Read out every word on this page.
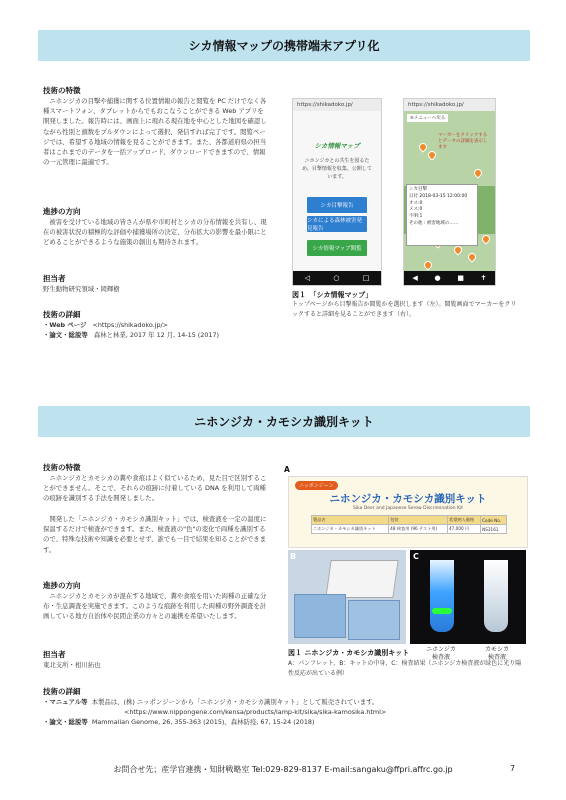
シカ情報マップの携帯端末アプリ化
技術の特徴
　ニホンジカの目撃や捕獲に関する位置情報の報告と閲覧を PC だけでなく各種スマートフォン、タブレットからでもおこなうことができる Web アプリを開発しました。報告時には、画面上に現れる現在地を中心とした地図を確認しながら性別と頭数をプルダウンによって選択、発信すれば完了です。閲覧ページでは、希望する地域の情報を見ることができます。また、各都道府県の担当者はこれまでのデータを一括アップロード、ダウンロードできますので、情報の一元管理に最適です。
進捗の方向
　被害を受けている地域の皆さんが県や市町村とシカの分布情報を共有し、現在の被害状況の積極的な評価や捕獲場所の決定、分布拡大の影響を最小限にとどめることができるような施策の創出も期待されます。
担当者
野生動物研究領域・岡輝樹
技術の詳細
・Web ページ <https://shikadoko.jp/>
・論文・総説等 森林と林業, 2017 年 12 月, 14-15 (2017)
https://shikadoko.jp/
シカ情報マップ
ニホンジカとの共生を図るため、目撃情報を収集、公開しています。
シカ目撃報告
シカによる森林被害発見報告
シカ情報マップ閲覧
◁	○	□
https://shikadoko.jp/
≡メニューへ戻る
マーカーをクリックするとデータの詳細を表示します
シカ目撃
日付 2018-03-15 12:00:00
オス:0
メス:0
不明:1
その他 : 被害地域の……
◀ ● ■ ✝
図１　「シカ情報マップ」
トップページから目撃報告か閲覧かを選択します（左）。閲覧画面でマーカーをクリックすると詳細を見ることができます（右）。
ニホンジカ・カモシカ識別キット
技術の特徴
　ニホンジカとカモシカの糞や食痕はよく似ているため、見た目で区別することができません。そこで、それらの痕跡に付着している DNA を利用して両種の痕跡を識別する手法を開発しました。
　開発した「ニホンジカ・カモシカ識別キット」では、検査液を一定の温度に保温するだけで検査ができます。また、検査液の"色"の変化で両種を識別するので、特殊な技術や知識を必要とせず、誰でも一目で結果を知ることができます。
進捗の方向
　ニホンジカとカモシカが混在する地域で、糞や食痕を用いた両種の正確な分布・生息調査を実施できます。このような痕跡を利用した両種の野外調査を計画している地方自治体や民間企業の方々との連携を希望いたします。
担当者
東北支所・相川拓也
技術の詳細
・マニュアル等 本製品は、(株) ニッポンジーンから「ニホンジカ・カモシカ識別キット」として販売されています。
<https://www.nippongene.com/kensa/products/lamp-kit/sika/sika-kamosika.html>
・論文・総説等 Mammalian Genome, 26, 355-363 (2015)、森林防疫, 67, 15-24 (2018)
A
ニッポンジーン
ニホンジカ・カモシカ識別キット
Sika Deer and Japanese Serow Discrimination Kit
製品名	包装	希望納入価格	Code No.
ニホンジカ・カモシカ識別キット	48 検査用 (96 テスト用)	47,000 円	NS3161
B	C
ニホンジカ
検査液
カモシカ
検査液
図１ ニホンジカ・カモシカ識別キット
A：パンフレット、B：キットの中身、C：検査結果（ニホンジカ検査液が緑色に光り陽性反応が出ている例）
お問合せ先；産学官連携・知財戦略室 Tel:029-829-8137 E-mail:sangaku@ffpri.affrc.go.jp	7
